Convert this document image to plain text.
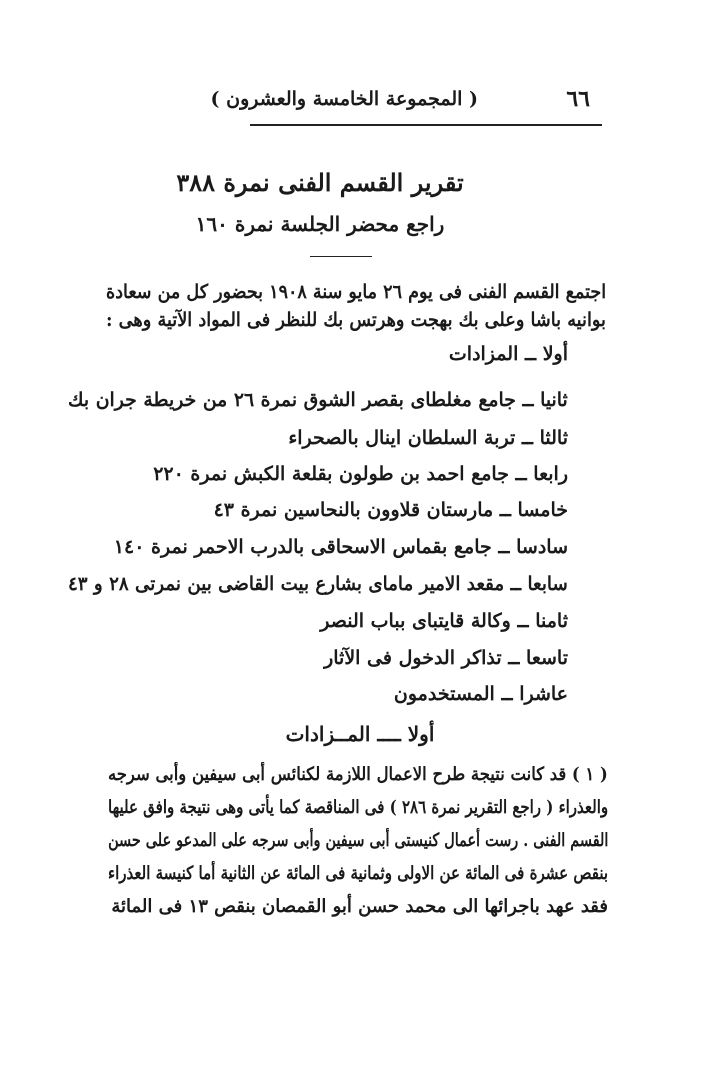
٦٦
( المجموعة الخامسة والعشرون )
تقرير القسم الفنى نمرة ٣٨٨
راجع محضر الجلسة نمرة ١٦٠
اجتمع القسم الفنى فى يوم ٢٦ مايو سنة ١٩٠٨ بحضور كل من سعادة
بوانيه باشا وعلى بك بهجت وهرتس بك للنظر فى المواد الآتية وهى :
أولا ــ المزادات
ثانيا ــ جامع مغلطاى بقصر الشوق نمرة ٢٦ من خريطة جران بك
ثالثا ــ تربة السلطان اينال بالصحراء
رابعا ــ جامع احمد بن طولون بقلعة الكبش نمرة ٢٢٠
خامسا ــ مارستان قلاوون بالنحاسين نمرة ٤٣
سادسا ــ جامع بقماس الاسحاقى بالدرب الاحمر نمرة ١٤٠
سابعا ــ مقعد الامير ماماى بشارع بيت القاضى بين نمرتى ٢٨ و ٤٣
ثامنا ــ وكالة قايتباى بباب النصر
تاسعا ــ تذاكر الدخول فى الآثار
عاشرا ــ المستخدمون
أولا ــــ المــزادات
( ١ ) قد كانت نتيجة طرح الاعمال اللازمة لكنائس أبى سيفين وأبى سرجه
والعذراء ( راجع التقرير نمرة ٢٨٦ ) فى المناقصة كما يأتى وهى نتيجة وافق عليها
القسم الفنى . رست أعمال كنيستى أبى سيفين وأبى سرجه على المدعو على حسن
بنقص عشرة فى المائة عن الاولى وثمانية فى المائة عن الثانية أما كنيسة العذراء
فقد عهد باجرائها الى محمد حسن أبو القمصان بنقص ١٣ فى المائة
